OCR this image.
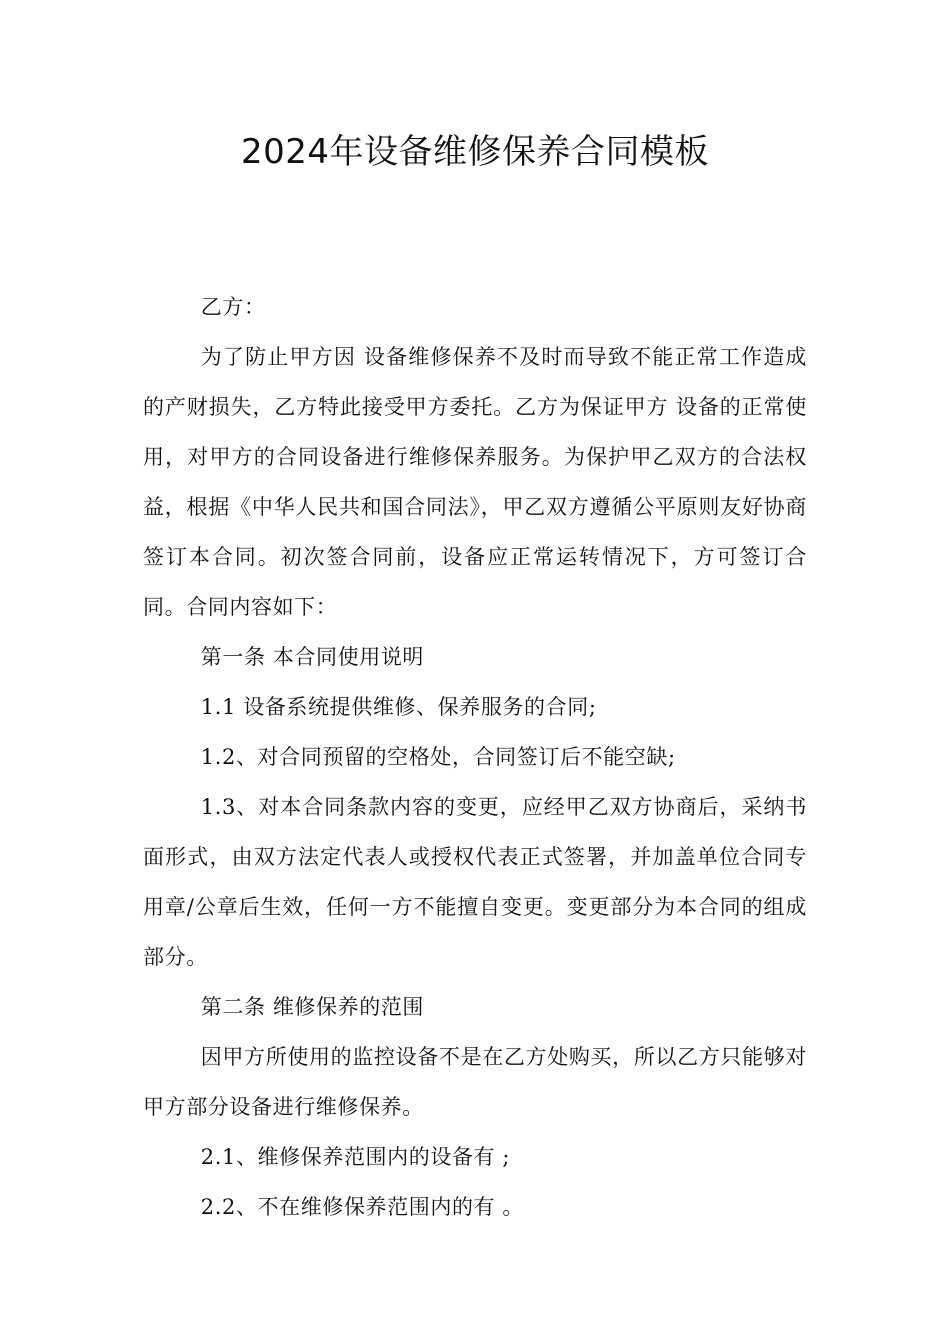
2024年设备维修保养合同模板

乙方：

为了防止甲方因 设备维修保养不及时而导致不能正常工作造成的产财损失，乙方特此接受甲方委托。乙方为保证甲方 设备的正常使用，对甲方的合同设备进行维修保养服务。为保护甲乙双方的合法权益，根据《中华人民共和国合同法》，甲乙双方遵循公平原则友好协商签订本合同。初次签合同前，设备应正常运转情况下，方可签订合同。合同内容如下：

第一条 本合同使用说明

1.1 设备系统提供维修、保养服务的合同;

1.2、对合同预留的空格处，合同签订后不能空缺;

1.3、对本合同条款内容的变更，应经甲乙双方协商后，采纳书面形式，由双方法定代表人或授权代表正式签署，并加盖单位合同专用章/公章后生效，任何一方不能擅自变更。变更部分为本合同的组成部分。

第二条 维修保养的范围

因甲方所使用的监控设备不是在乙方处购买，所以乙方只能够对甲方部分设备进行维修保养。

2.1、维修保养范围内的设备有 ;

2.2、不在维修保养范围内的有 。
